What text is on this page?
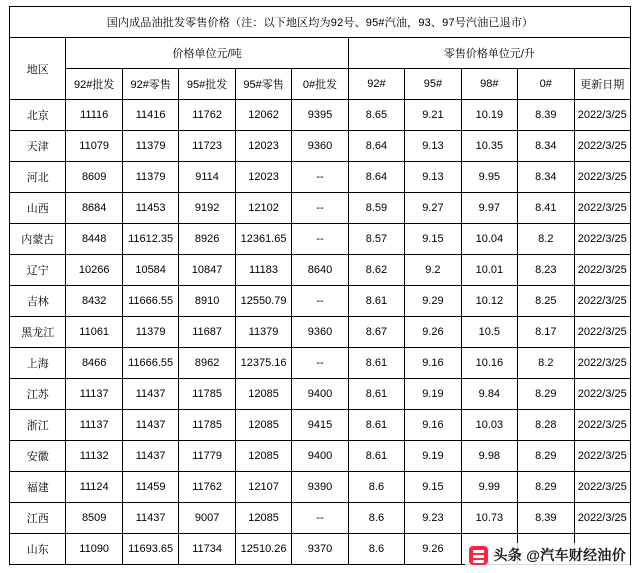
国内成品油批发零售价格（注：以下地区均为92号、95#汽油，93、97号汽油已退市）										
地区	价格单位元/吨					零售价格单位元/升				
	92#批发	92#零售	95#批发	95#零售	0#批发	92#	95#	98#	0#	更新日期
北京	11116	11416	11762	12062	9395	8.65	9.21	10.19	8.39	2022/3/25
天津	11079	11379	11723	12023	9360	8.64	9.13	10.35	8.34	2022/3/25
河北	8609	11379	9114	12023	--	8.64	9.13	9.95	8.34	2022/3/25
山西	8684	11453	9192	12102	--	8.59	9.27	9.97	8.41	2022/3/25
内蒙古	8448	11612.35	8926	12361.65	--	8.57	9.15	10.04	8.2	2022/3/25
辽宁	10266	10584	10847	11183	8640	8.62	9.2	10.01	8.23	2022/3/25
吉林	8432	11666.55	8910	12550.79	--	8.61	9.29	10.12	8.25	2022/3/25
黑龙江	11061	11379	11687	11379	9360	8.67	9.26	10.5	8.17	2022/3/25
上海	8466	11666.55	8962	12375.16	--	8.61	9.16	10.16	8.2	2022/3/25
江苏	11137	11437	11785	12085	9400	8.61	9.19	9.84	8.29	2022/3/25
浙江	11137	11437	11785	12085	9415	8.61	9.16	10.03	8.28	2022/3/25
安徽	11132	11437	11779	12085	9400	8.61	9.19	9.98	8.29	2022/3/25
福建	11124	11459	11762	12107	9390	8.6	9.15	9.99	8.29	2022/3/25
江西	8509	11437	9007	12085	--	8.6	9.23	10.73	8.39	2022/3/25
山东	11090	11693.65	11734	12510.26	9370	8.6	9.26				头条 @汽车财经油价
